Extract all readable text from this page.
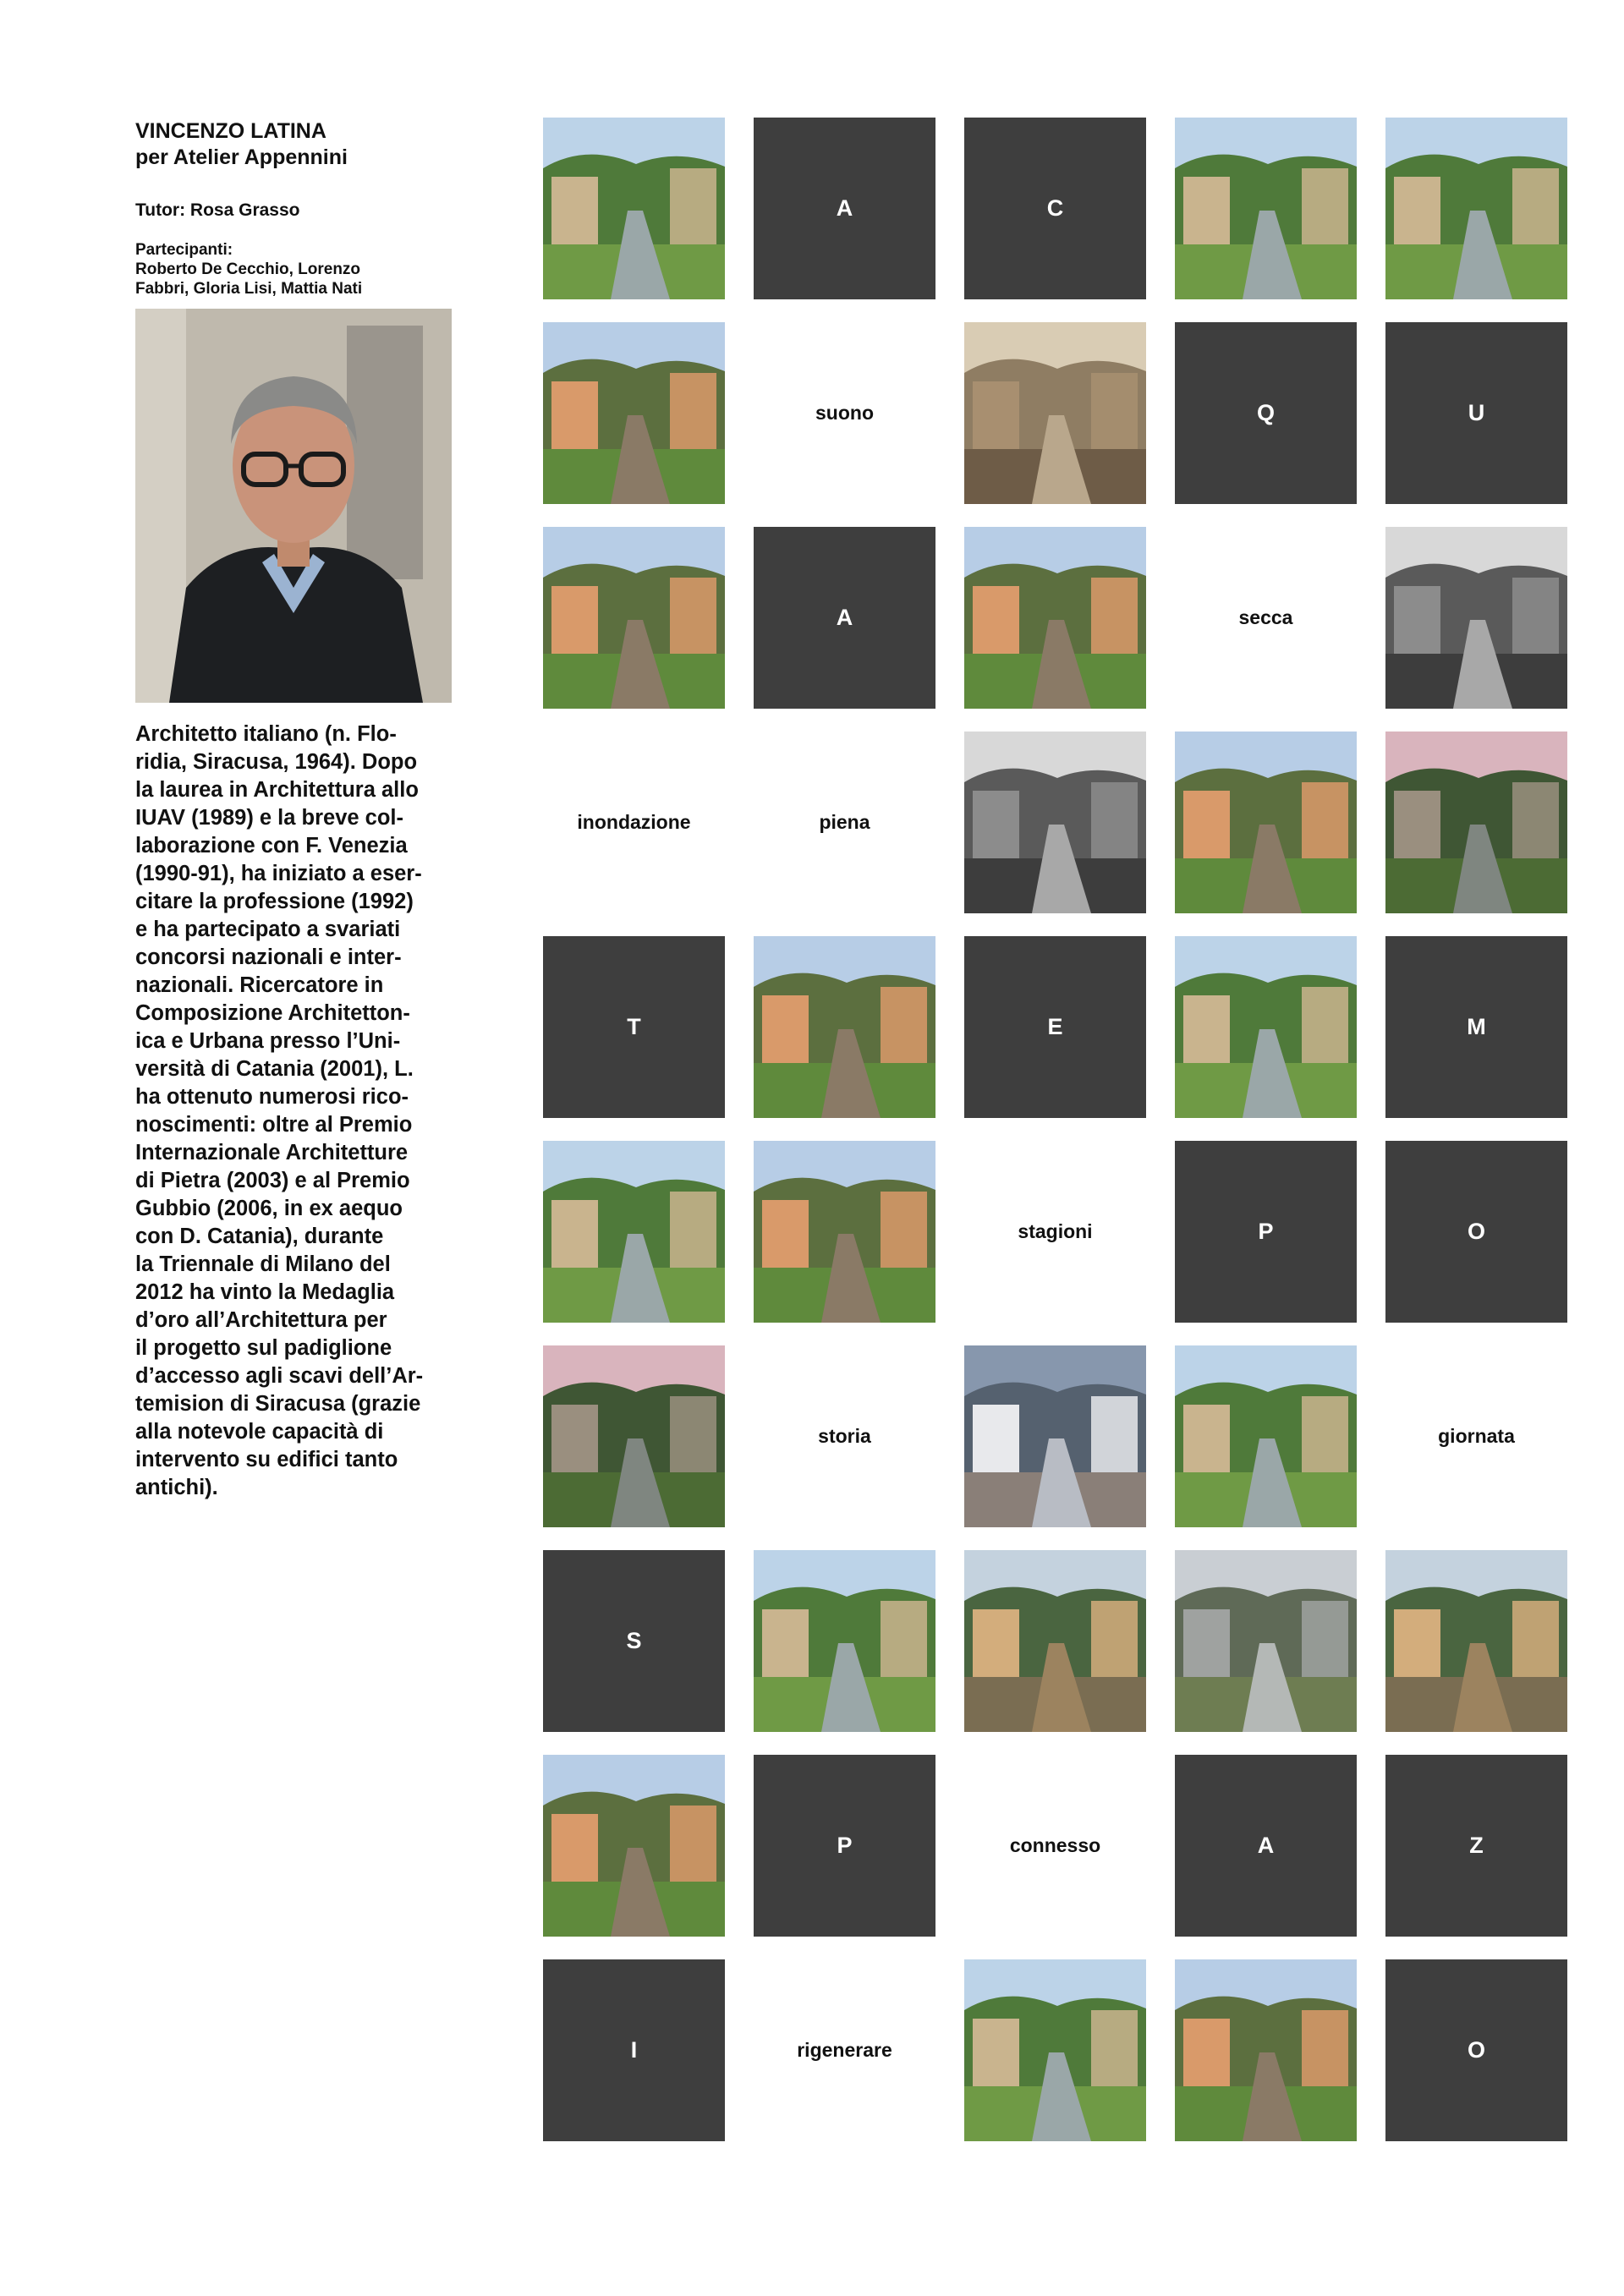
VINCENZO LATINA

per Atelier Appennini

Tutor: Rosa Grasso
Partecipanti:
Roberto De Cecchio, Lorenzo
Fabbri, Gloria Lisi, Mattia Nati
Architetto italiano (n. Flo-
ridia, Siracusa, 1964). Dopo
la laurea in Architettura allo
IUAV (1989) e la breve col-
laborazione con F. Venezia
(1990-91), ha iniziato a eser-
citare la professione (1992)
e ha partecipato a svariati
concorsi nazionali e inter-
nazionali. Ricercatore in
Composizione Architetton-
ica e Urbana presso l’Uni-
versità di Catania (2001), L.
ha ottenuto numerosi rico-
noscimenti: oltre al Premio
Internazionale Architetture
di Pietra (2003) e al Premio
Gubbio (2006, in ex aequo
con D. Catania), durante
la Triennale di Milano del
2012 ha vinto la Medaglia
d’oro all’Architettura per
il progetto sul padiglione
d’accesso agli scavi dell’Ar-
temision di Siracusa (grazie
alla notevole capacità di
intervento su edifici tanto
antichi).
A	C
suono	Q	U
A	secca
inondazione	piena
T	E	M
stagioni	P	O
storia	giornata
S
P	connesso	A	Z
I	rigenerare	O
